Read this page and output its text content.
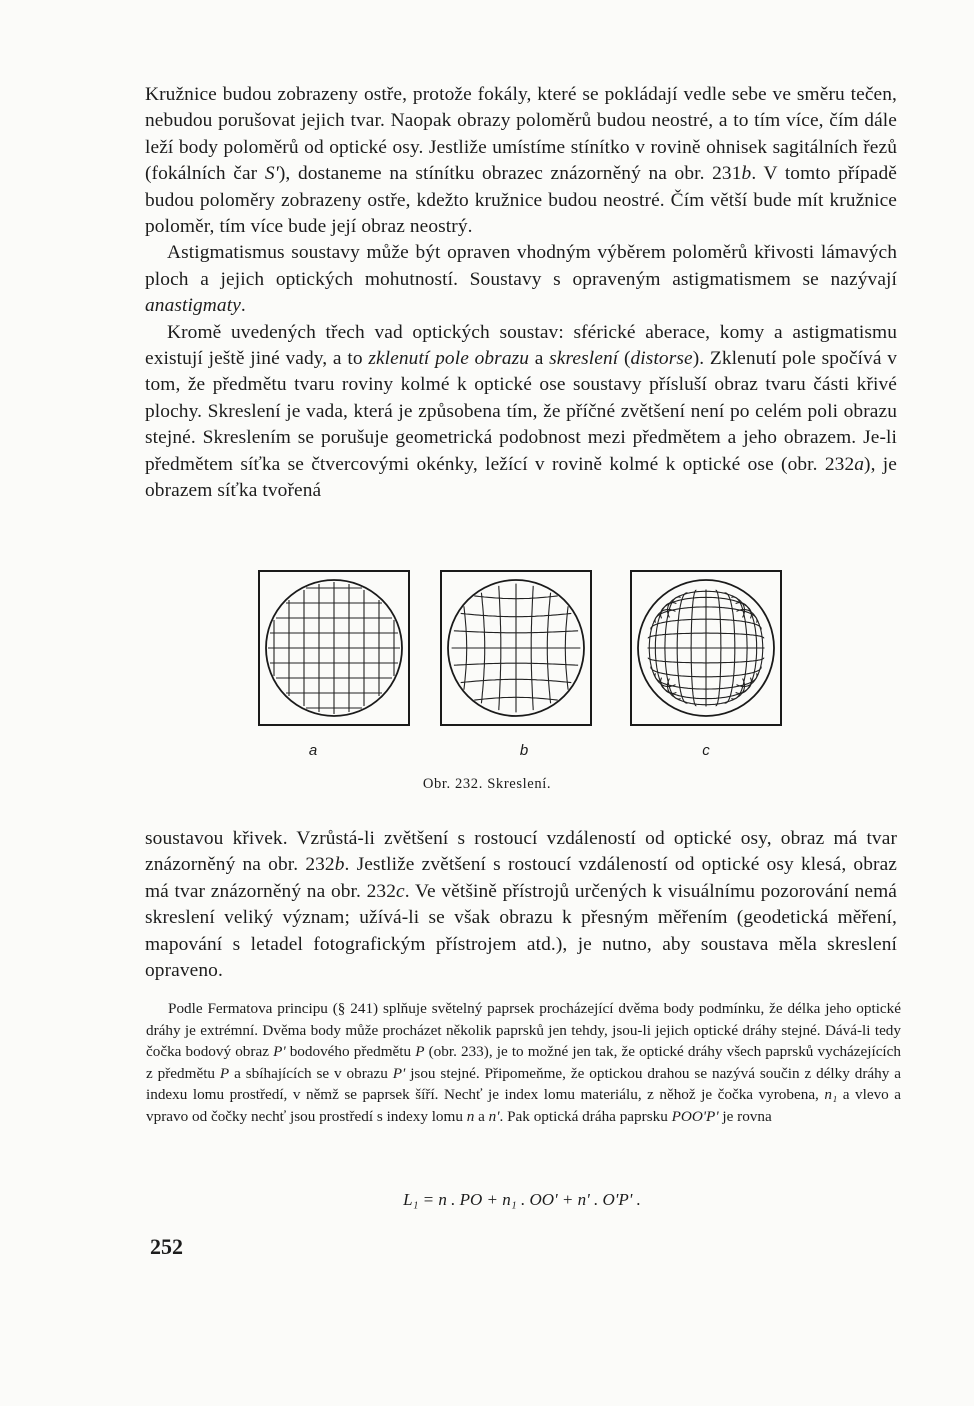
Kružnice budou zobrazeny ostře, protože fokály, které se pokládají vedle sebe ve směru tečen, nebudou porušovat jejich tvar. Naopak obrazy poloměrů budou neostré, a to tím více, čím dále leží body poloměrů od optické osy. Jestliže umístíme stínítko v rovině ohnisek sagitálních řezů (fokálních čar S'), dostaneme na stínítku obrazec znázorněný na obr. 231b. V tomto případě budou poloměry zobrazeny ostře, kdežto kružnice budou neostré. Čím větší bude mít kružnice poloměr, tím více bude její obraz neostrý.

Astigmatismus soustavy může být opraven vhodným výběrem poloměrů křivosti lámavých ploch a jejich optických mohutností. Soustavy s opraveným astigmatismem se nazývají anastigmaty.

Kromě uvedených třech vad optických soustav: sférické aberace, komy a astigmatismu existují ještě jiné vady, a to zklenutí pole obrazu a skreslení (distorse). Zklenutí pole spočívá v tom, že předmětu tvaru roviny kolmé k optické ose soustavy přísluší obraz tvaru části křivé plochy. Skreslení je vada, která je způsobena tím, že příčné zvětšení není po celém poli obrazu stejné. Skreslením se porušuje geometrická podobnost mezi předmětem a jeho obrazem. Je-li předmětem síťka se čtvercovými okénky, ležící v rovině kolmé k optické ose (obr. 232a), je obrazem síťka tvořená

a	b	c
Obr. 232. Skreslení.

soustavou křivek. Vzrůstá-li zvětšení s rostoucí vzdáleností od optické osy, obraz má tvar znázorněný na obr. 232b. Jestliže zvětšení s rostoucí vzdáleností od optické osy klesá, obraz má tvar znázorněný na obr. 232c. Ve většině přístrojů určených k visuálnímu pozorování nemá skreslení veliký význam; užívá-li se však obrazu k přesným měřením (geodetická měření, mapování s letadel fotografickým přístrojem atd.), je nutno, aby soustava měla skreslení opraveno.

Podle Fermatova principu (§ 241) splňuje světelný paprsek procházející dvěma body podmínku, že délka jeho optické dráhy je extrémní. Dvěma body může procházet několik paprsků jen tehdy, jsou-li jejich optické dráhy stejné. Dává-li tedy čočka bodový obraz P' bodového předmětu P (obr. 233), je to možné jen tak, že optické dráhy všech paprsků vycházejících z předmětu P a sbíhajících se v obrazu P' jsou stejné. Připomeňme, že optickou drahou se nazývá součin z délky dráhy a indexu lomu prostředí, v němž se paprsek šíří. Nechť je index lomu materiálu, z něhož je čočka vyrobena, n₁ a vlevo a vpravo od čočky nechť jsou prostředí s indexy lomu n a n'. Pak optická dráha paprsku POO'P' je rovna

L₁ = n . PO + n₁ . OO' + n' . O'P' .
252
